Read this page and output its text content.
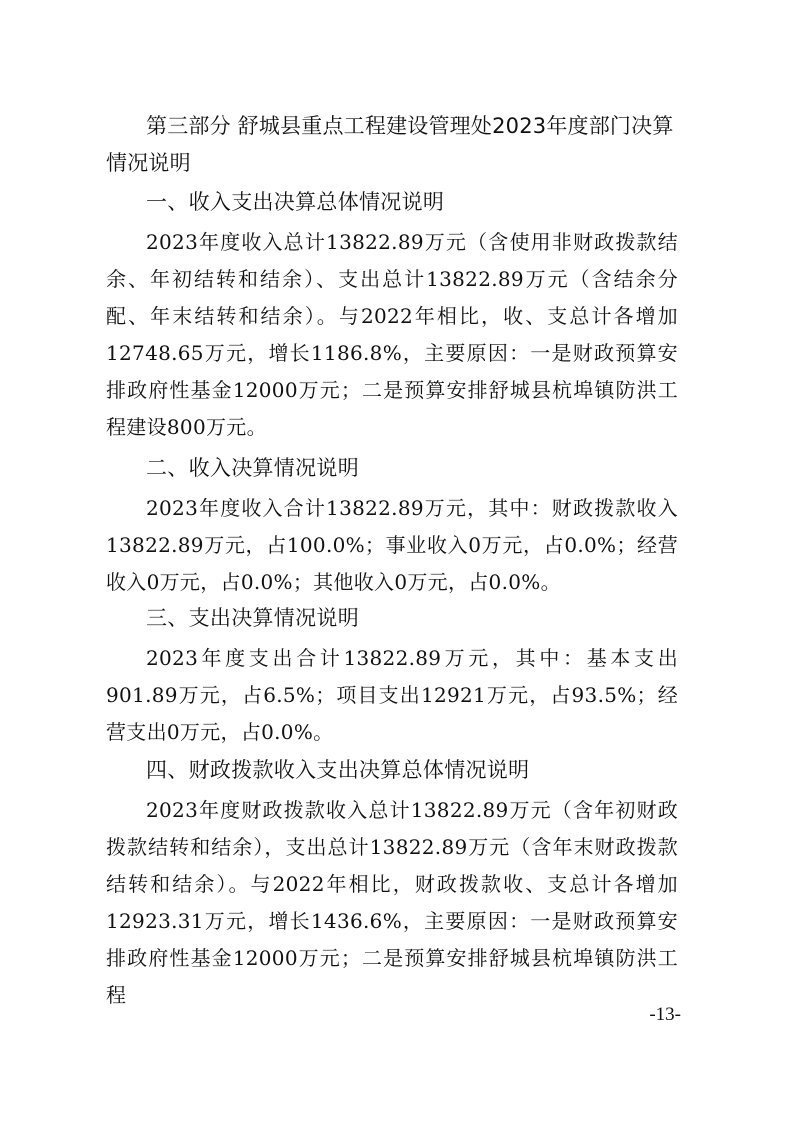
第三部分 舒城县重点工程建设管理处2023年度部门决算
情况说明
一、收入支出决算总体情况说明
2023年度收入总计13822.89万元（含使用非财政拨款结余、年初结转和结余）、支出总计13822.89万元（含结余分配、年末结转和结余）。与2022年相比，收、支总计各增加12748.65万元，增长1186.8%，主要原因：一是财政预算安排政府性基金12000万元；二是预算安排舒城县杭埠镇防洪工程建设800万元。
二、收入决算情况说明
2023年度收入合计13822.89万元，其中：财政拨款收入13822.89万元，占100.0%；事业收入0万元，占0.0%；经营收入0万元，占0.0%；其他收入0万元，占0.0%。
三、支出决算情况说明
2023年度支出合计13822.89万元，其中：基本支出901.89万元，占6.5%；项目支出12921万元，占93.5%；经营支出0万元，占0.0%。
四、财政拨款收入支出决算总体情况说明
2023年度财政拨款收入总计13822.89万元（含年初财政拨款结转和结余），支出总计13822.89万元（含年末财政拨款结转和结余）。与2022年相比，财政拨款收、支总计各增加12923.31万元，增长1436.6%，主要原因：一是财政预算安排政府性基金12000万元；二是预算安排舒城县杭埠镇防洪工程
-13-
